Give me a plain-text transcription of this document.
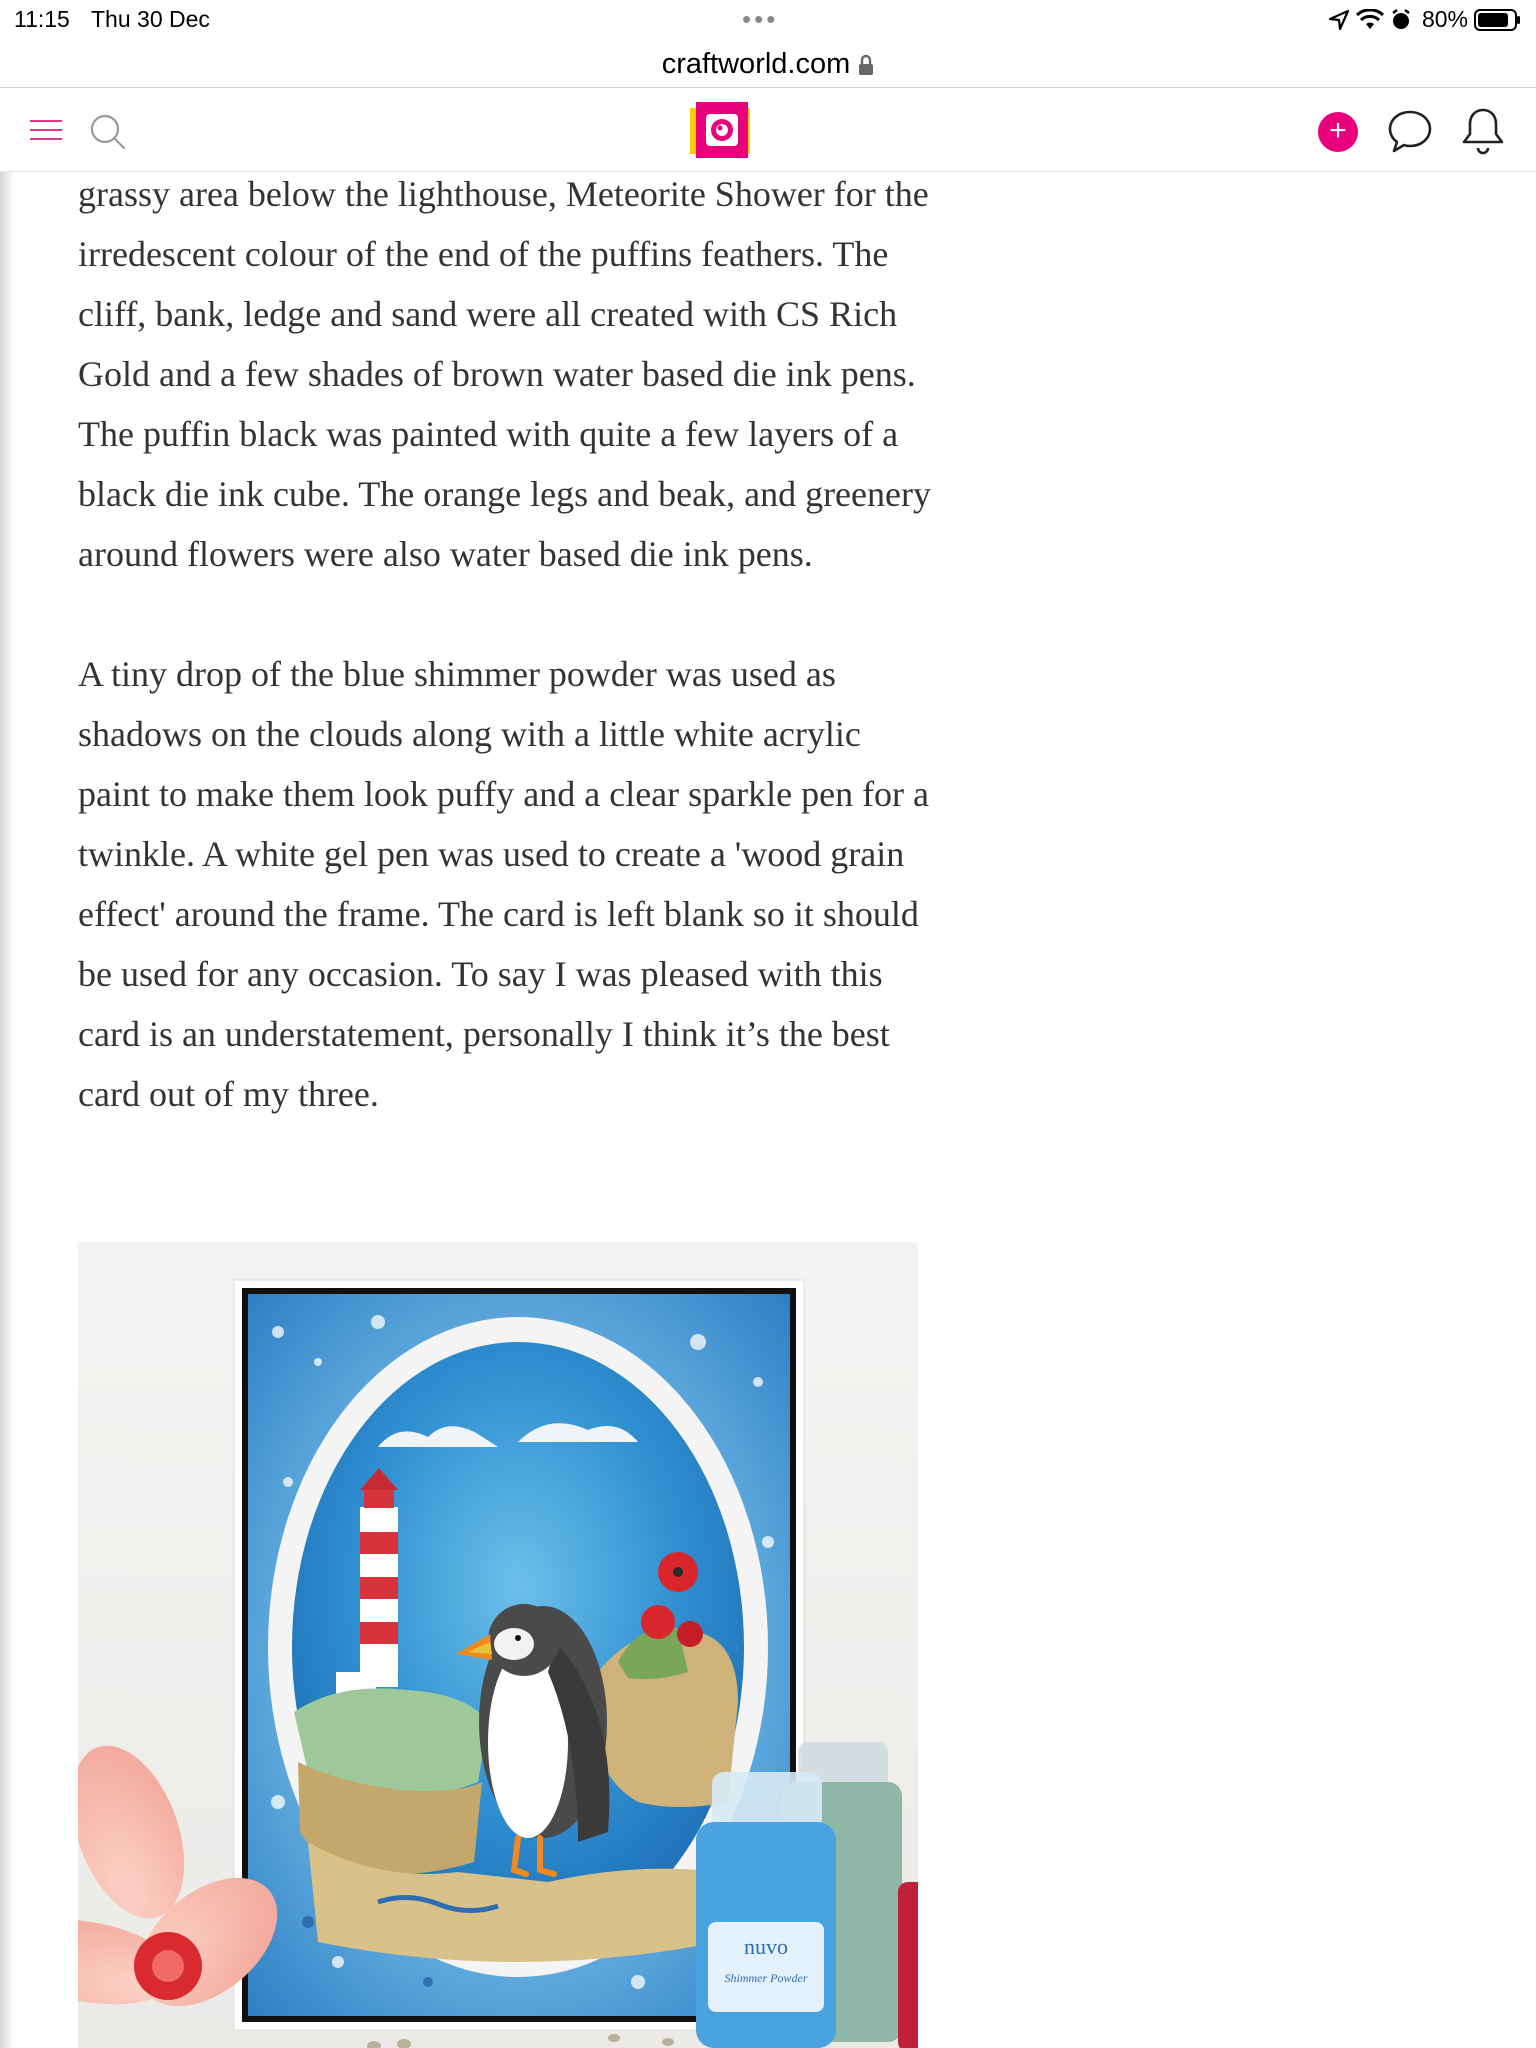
11:15 Thu 30 Dec	•••	80%
craftworld.com
+

grassy area below the lighthouse, Meteorite Shower for the irredescent colour of the end of the puffins feathers. The cliff, bank, ledge and sand were all created with CS Rich Gold and a few shades of brown water based die ink pens. The puffin black was painted with quite a few layers of a black die ink cube. The orange legs and beak, and greenery around flowers were also water based die ink pens.

A tiny drop of the blue shimmer powder was used as shadows on the clouds along with a little white acrylic paint to make them look puffy and a clear sparkle pen for a twinkle. A white gel pen was used to create a 'wood grain effect' around the frame. The card is left blank so it should be used for any occasion. To say I was pleased with this card is an understatement, personally I think it’s the best card out of my three.

nuvo
Shimmer Powder
